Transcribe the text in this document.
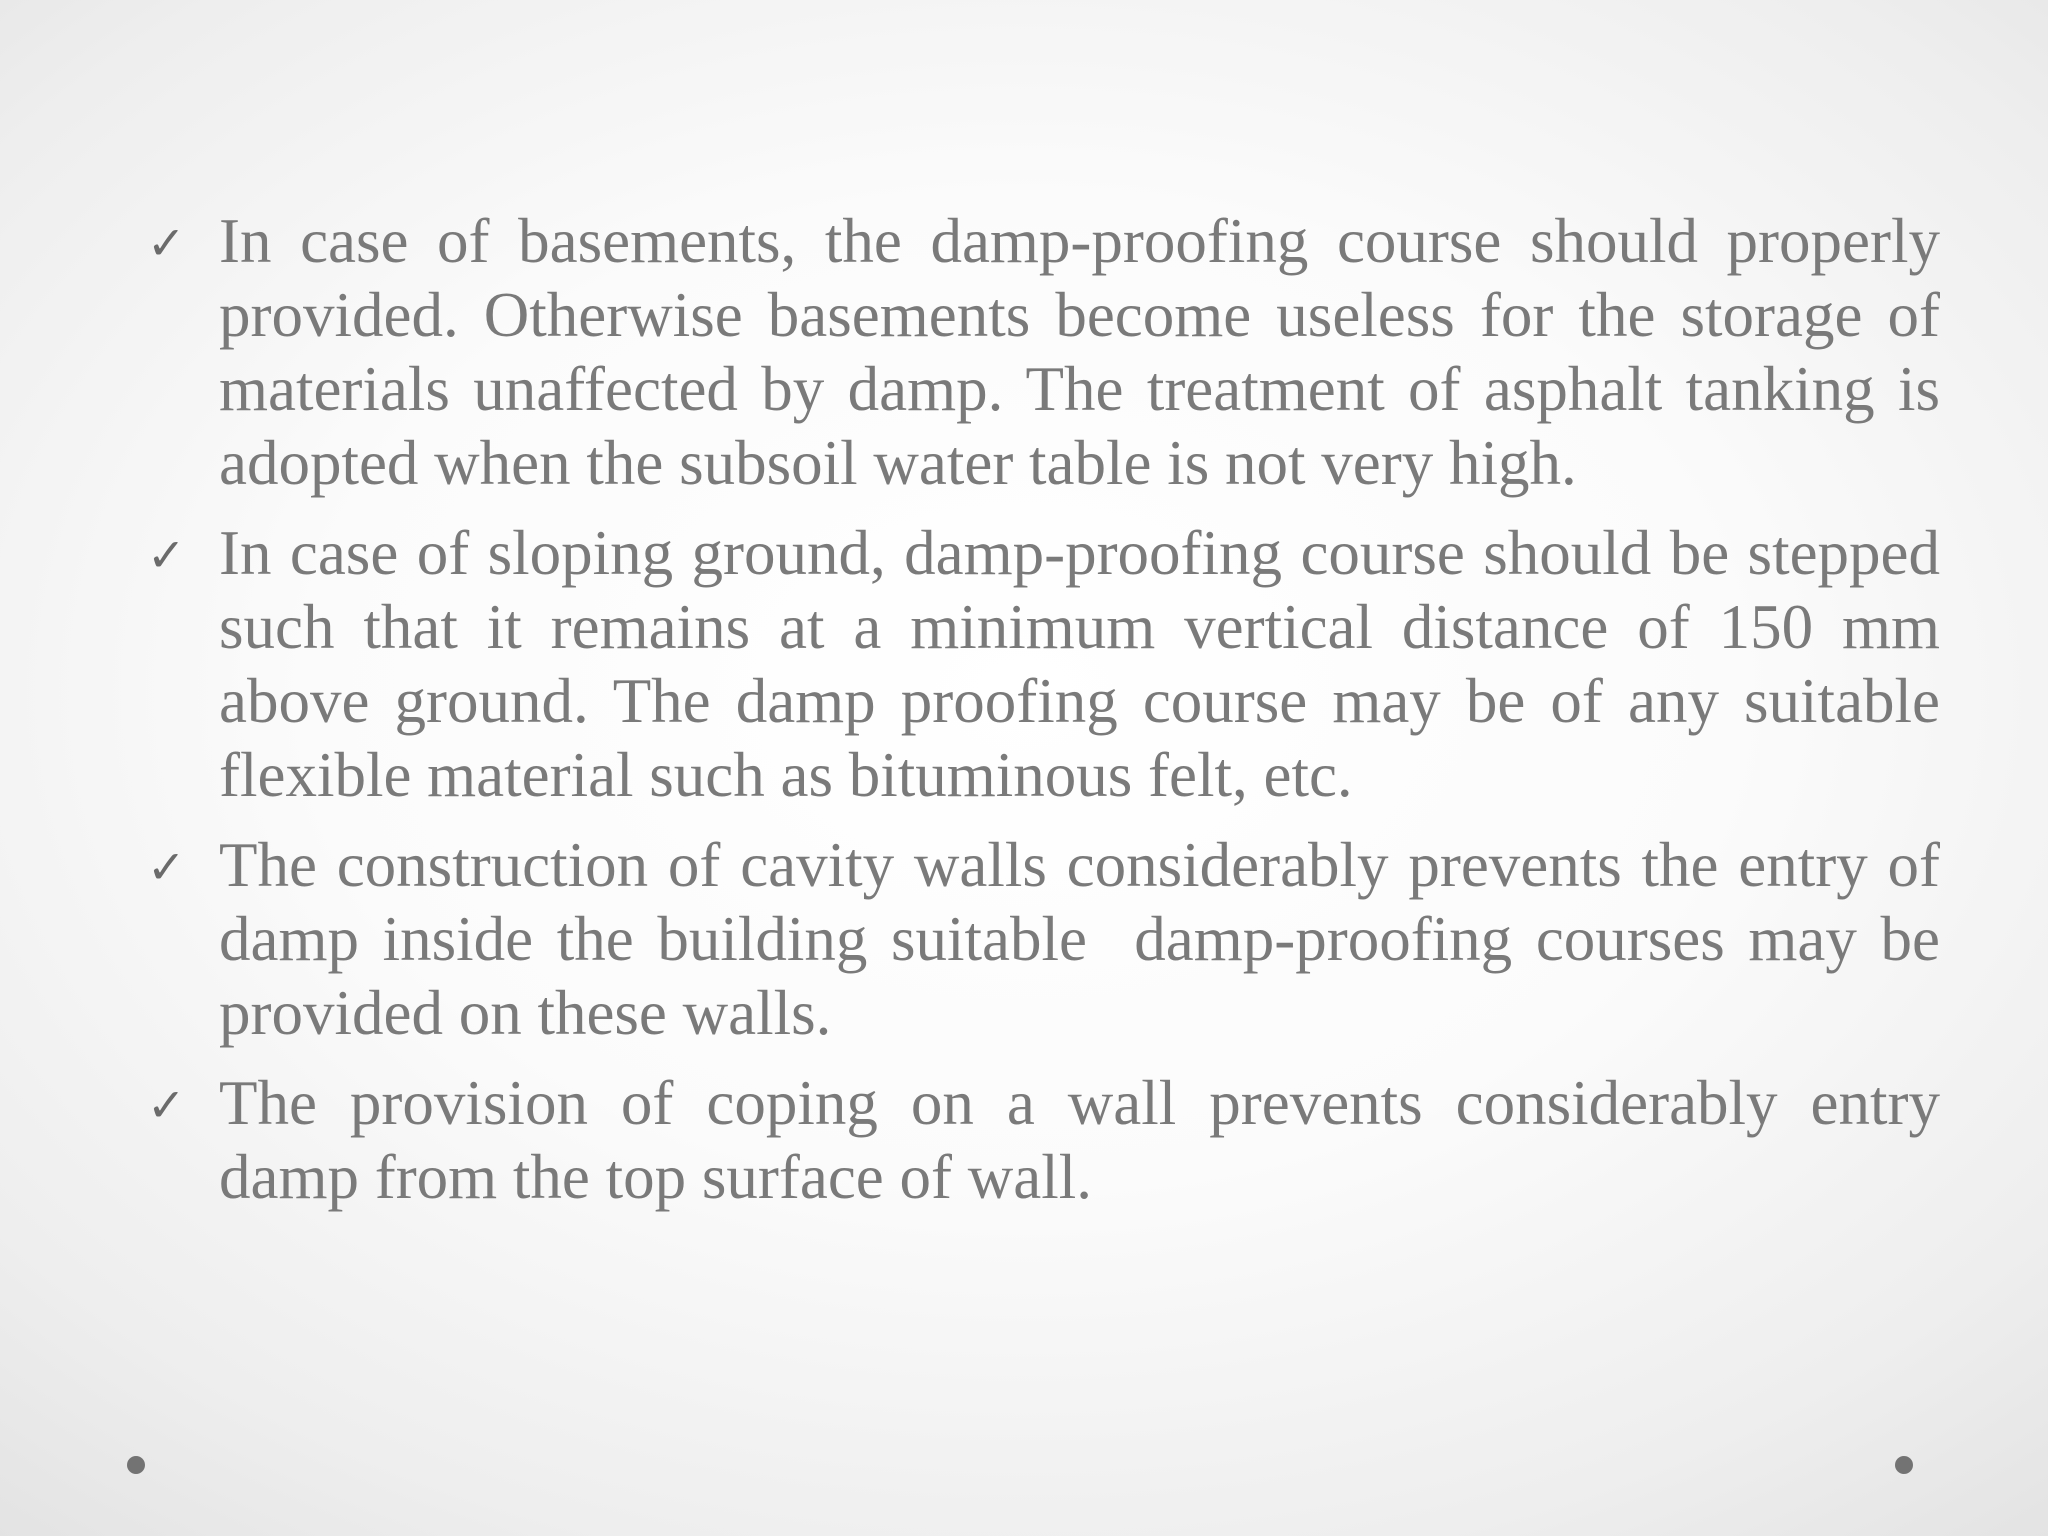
✓ In case of basements, the damp-proofing course should properly provided. Otherwise basements become useless for the storage of materials unaffected by damp. The treatment of asphalt tanking is adopted when the subsoil water table is not very high.
✓ In case of sloping ground, damp-proofing course should be stepped such that it remains at a minimum vertical distance of 150 mm above ground. The damp proofing course may be of any suitable flexible material such as bituminous felt, etc.
✓ The construction of cavity walls considerably prevents the entry of damp inside the building suitable  damp-proofing courses may be provided on these walls.
✓ The provision of coping on a wall prevents considerably entry damp from the top surface of wall.
